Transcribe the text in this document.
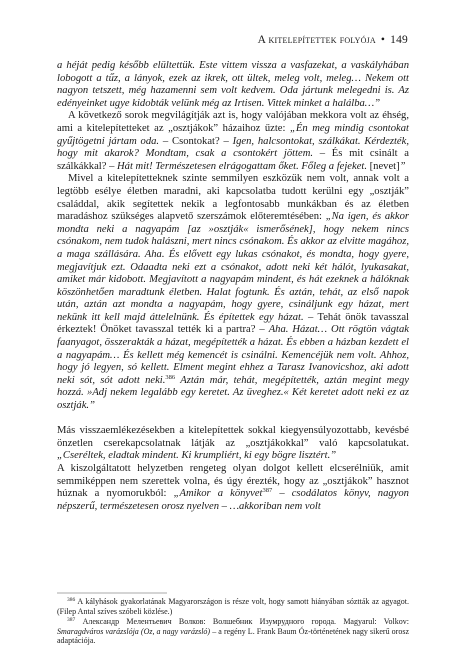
A kitelepítettek folyója • 149

a héját pedig később elültettük. Este vittem vissza a vasfazekat, a vaskályhában lobogott a tűz, a lányok, ezek az ikrek, ott ültek, meleg volt, meleg… Nekem ott nagyon tetszett, még hazamenni sem volt kedvem. Oda jártunk melegedni is. Az edényeinket ugye kidobták velünk még az Irtisen. Vittek minket a halálba…”

A következő sorok megvilágítják azt is, hogy valójában mekkora volt az éhség, ami a kitelepítetteket az „osztjákok” házaihoz űzte: „Én meg mindig csontokat gyűjtögetni jártam oda. – Csontokat? – Igen, halcsontokat, szálkákat. Kérdezték, hogy mit akarok? Mondtam, csak a csontokért jöttem. – És mit csinált a szálkákkal? – Hát mit! Természetesen elrágogattam őket. Főleg a fejeket. [nevet]”

Mivel a kitelepítetteknek szinte semmilyen eszközük nem volt, annak volt a legtöbb esélye életben maradni, aki kapcsolatba tudott kerülni egy „osztják” családdal, akik segítettek nekik a legfontosabb munkákban és az életben maradáshoz szükséges alapvető szerszámok előteremtésében: „Na igen, és akkor mondta neki a nagyapám [az »osztják« ismerősének], hogy nekem nincs csónakom, nem tudok halászni, mert nincs csónakom. És akkor az elvitte magához, a maga szállására. Aha. És elővett egy lukas csónakot, és mondta, hogy gyere, megjavítjuk ezt. Odaadta neki ezt a csónakot, adott neki két hálót, lyukasakat, amiket már kidobott. Megjavított a nagyapám mindent, és hát ezeknek a hálóknak köszönhetően maradtunk életben. Halat fogtunk. És aztán, tehát, az első napok után, aztán azt mondta a nagyapám, hogy gyere, csináljunk egy házat, mert nekünk itt kell majd áttelelnünk. És építettek egy házat. – Tehát önök tavasszal érkeztek! Önöket tavasszal tették ki a partra? – Aha. Házat… Ott rögtön vágtak faanyagot, összerakták a házat, megépítették a házat. És ebben a házban kezdett el a nagyapám… És kellett még kemencét is csinálni. Kemencéjük nem volt. Ahhoz, hogy jó legyen, só kellett. Elment megint ehhez a Tarasz Ivanovicshoz, aki adott neki sót, sót adott neki.$^{386}$ Aztán már, tehát, megépítették, aztán megint megy hozzá. »Adj nekem legalább egy keretet. Az üveghez.« Két keretet adott neki ez az osztják.”

Más visszaemlékezésekben a kitelepítettek sokkal kiegyensúlyozottabb, kevésbé önzetlen cserekapcsolatnak látják az „osztjákokkal” való kapcsolatukat. „Cseréltek, eladtak mindent. Ki krumpliért, ki egy bögre lisztért.”

A kiszolgáltatott helyzetben rengeteg olyan dolgot kellett elcserélniük, amit semmiképpen nem szerettek volna, és úgy érezték, hogy az „osztjákok” hasznot húznak a nyomorukból: „Amikor a könyvet$^{387}$ – csodálatos könyv, nagyon népszerű, természetesen orosz nyelven – …akkoriban nem volt

$^{386}$ A kályhások gyakorlatának Magyarországon is része volt, hogy samott hiányában sóztták az agyagot. (Filep Antal szíves szóbeli közlése.)

$^{387}$ Александр Мелентьевич Волков: Волшебник Изумрудного города. Magyarul: Volkov: Smaragdváros varázslója (Oz, a nagy varázsló) – a regény L. Frank Baum Óz-történetének nagy sikerű orosz adaptációja.
